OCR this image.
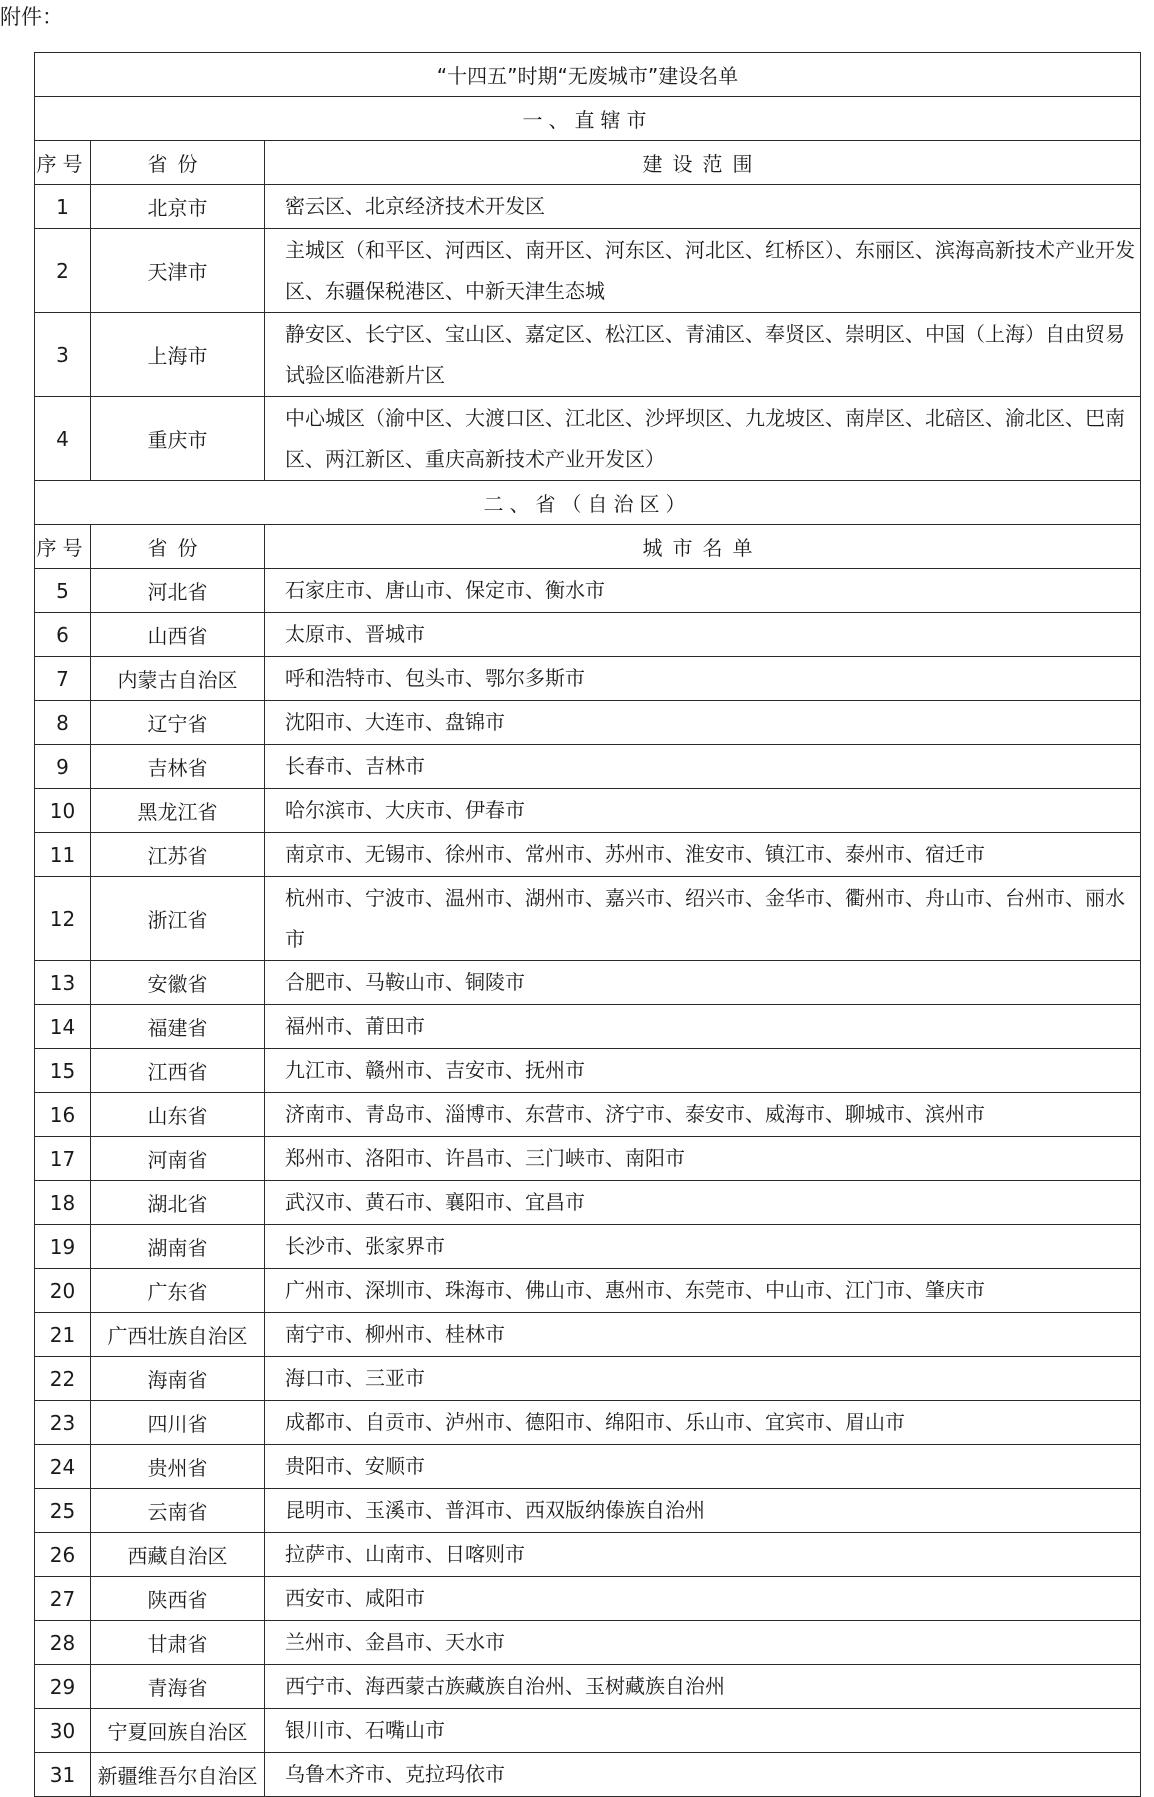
附件：
“十四五”时期“无废城市”建设名单		
一、直辖市		
序号	省份	建设范围
1	北京市	密云区、北京经济技术开发区
2	天津市	主城区（和平区、河西区、南开区、河东区、河北区、红桥区）、东丽区、滨海高新技术产业开发区、东疆保税港区、中新天津生态城
3	上海市	静安区、长宁区、宝山区、嘉定区、松江区、青浦区、奉贤区、崇明区、中国（上海）自由贸易试验区临港新片区
4	重庆市	中心城区（渝中区、大渡口区、江北区、沙坪坝区、九龙坡区、南岸区、北碚区、渝北区、巴南区、两江新区、重庆高新技术产业开发区）
二、省（自治区）		
序号	省份	城市名单
5	河北省	石家庄市、唐山市、保定市、衡水市
6	山西省	太原市、晋城市
7	内蒙古自治区	呼和浩特市、包头市、鄂尔多斯市
8	辽宁省	沈阳市、大连市、盘锦市
9	吉林省	长春市、吉林市
10	黑龙江省	哈尔滨市、大庆市、伊春市
11	江苏省	南京市、无锡市、徐州市、常州市、苏州市、淮安市、镇江市、泰州市、宿迁市
12	浙江省	杭州市、宁波市、温州市、湖州市、嘉兴市、绍兴市、金华市、衢州市、舟山市、台州市、丽水市
13	安徽省	合肥市、马鞍山市、铜陵市
14	福建省	福州市、莆田市
15	江西省	九江市、赣州市、吉安市、抚州市
16	山东省	济南市、青岛市、淄博市、东营市、济宁市、泰安市、威海市、聊城市、滨州市
17	河南省	郑州市、洛阳市、许昌市、三门峡市、南阳市
18	湖北省	武汉市、黄石市、襄阳市、宜昌市
19	湖南省	长沙市、张家界市
20	广东省	广州市、深圳市、珠海市、佛山市、惠州市、东莞市、中山市、江门市、肇庆市
21	广西壮族自治区	南宁市、柳州市、桂林市
22	海南省	海口市、三亚市
23	四川省	成都市、自贡市、泸州市、德阳市、绵阳市、乐山市、宜宾市、眉山市
24	贵州省	贵阳市、安顺市
25	云南省	昆明市、玉溪市、普洱市、西双版纳傣族自治州
26	西藏自治区	拉萨市、山南市、日喀则市
27	陕西省	西安市、咸阳市
28	甘肃省	兰州市、金昌市、天水市
29	青海省	西宁市、海西蒙古族藏族自治州、玉树藏族自治州
30	宁夏回族自治区	银川市、石嘴山市
31	新疆维吾尔自治区	乌鲁木齐市、克拉玛依市
